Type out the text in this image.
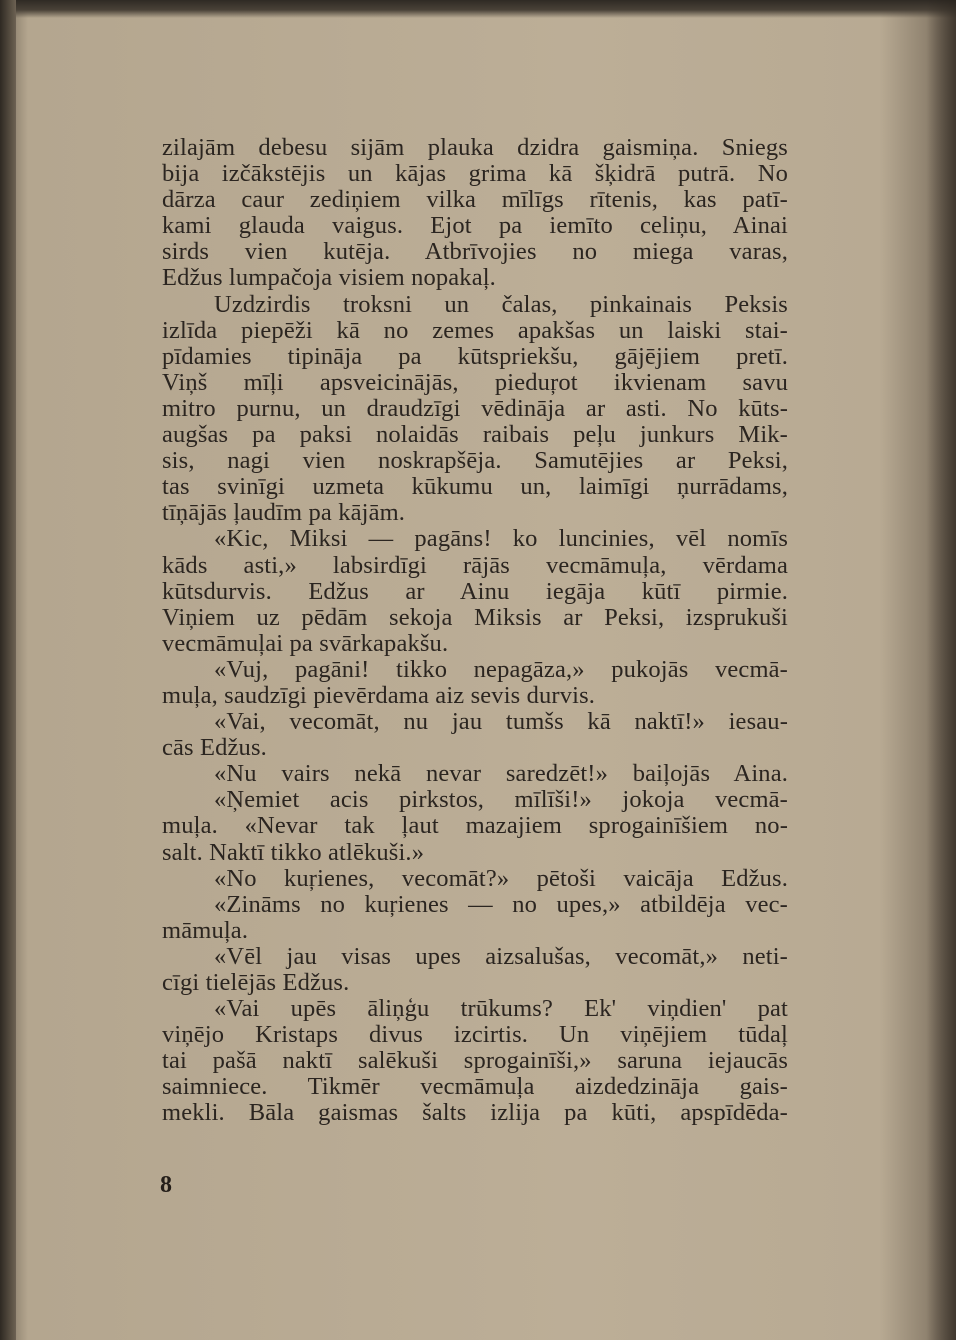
zilajām debesu sijām plauka dzidra gaismiņa. Sniegs
bija izčākstējis un kājas grima kā šķidrā putrā. No
dārza caur zediņiem vilka mīlīgs rītenis, kas patī-
kami glauda vaigus. Ejot pa iemīto celiņu, Ainai
sirds vien kutēja. Atbrīvojies no miega varas,
Edžus lumpačoja visiem nopakaļ.
Uzdzirdis troksni un čalas, pinkainais Peksis
izlīda piepēži kā no zemes apakšas un laiski stai-
pīdamies tipināja pa kūtspriekšu, gājējiem pretī.
Viņš mīļi apsveicinājās, pieduŗot ikvienam savu
mitro purnu, un draudzīgi vēdināja ar asti. No kūts-
augšas pa paksi nolaidās raibais peļu junkurs Mik-
sis, nagi vien noskrapšēja. Samutējies ar Peksi,
tas svinīgi uzmeta kūkumu un, laimīgi ņurrādams,
tīņājās ļaudīm pa kājām.
«Kic, Miksi — pagāns! ko luncinies, vēl nomīs
kāds asti,» labsirdīgi rājās vecmāmuļa, vērdama
kūtsdurvis. Edžus ar Ainu iegāja kūtī pirmie.
Viņiem uz pēdām sekoja Miksis ar Peksi, izsprukuši
vecmāmuļai pa svārkapakšu.
«Vuj, pagāni! tikko nepagāza,» pukojās vecmā-
muļa, saudzīgi pievērdama aiz sevis durvis.
«Vai, vecomāt, nu jau tumšs kā naktī!» iesau-
cās Edžus.
«Nu vairs nekā nevar saredzēt!» baiļojās Aina.
«Ņemiet acis pirkstos, mīlīši!» jokoja vecmā-
muļa. «Nevar tak ļaut mazajiem sprogainīšiem no-
salt. Naktī tikko atlēkuši.»
«No kuŗienes, vecomāt?» pētoši vaicāja Edžus.
«Zināms no kuŗienes — no upes,» atbildēja vec-
māmuļa.
«Vēl jau visas upes aizsalušas, vecomāt,» neti-
cīgi tielējās Edžus.
«Vai upēs āliņģu trūkums? Ek' viņdien' pat
viņējo Kristaps divus izcirtis. Un viņējiem tūdaļ
tai pašā naktī salēkuši sprogainīši,» saruna iejaucās
saimniece. Tikmēr vecmāmuļa aizdedzināja gais-
mekli. Bāla gaismas šalts izlija pa kūti, apspīdēda-
8
